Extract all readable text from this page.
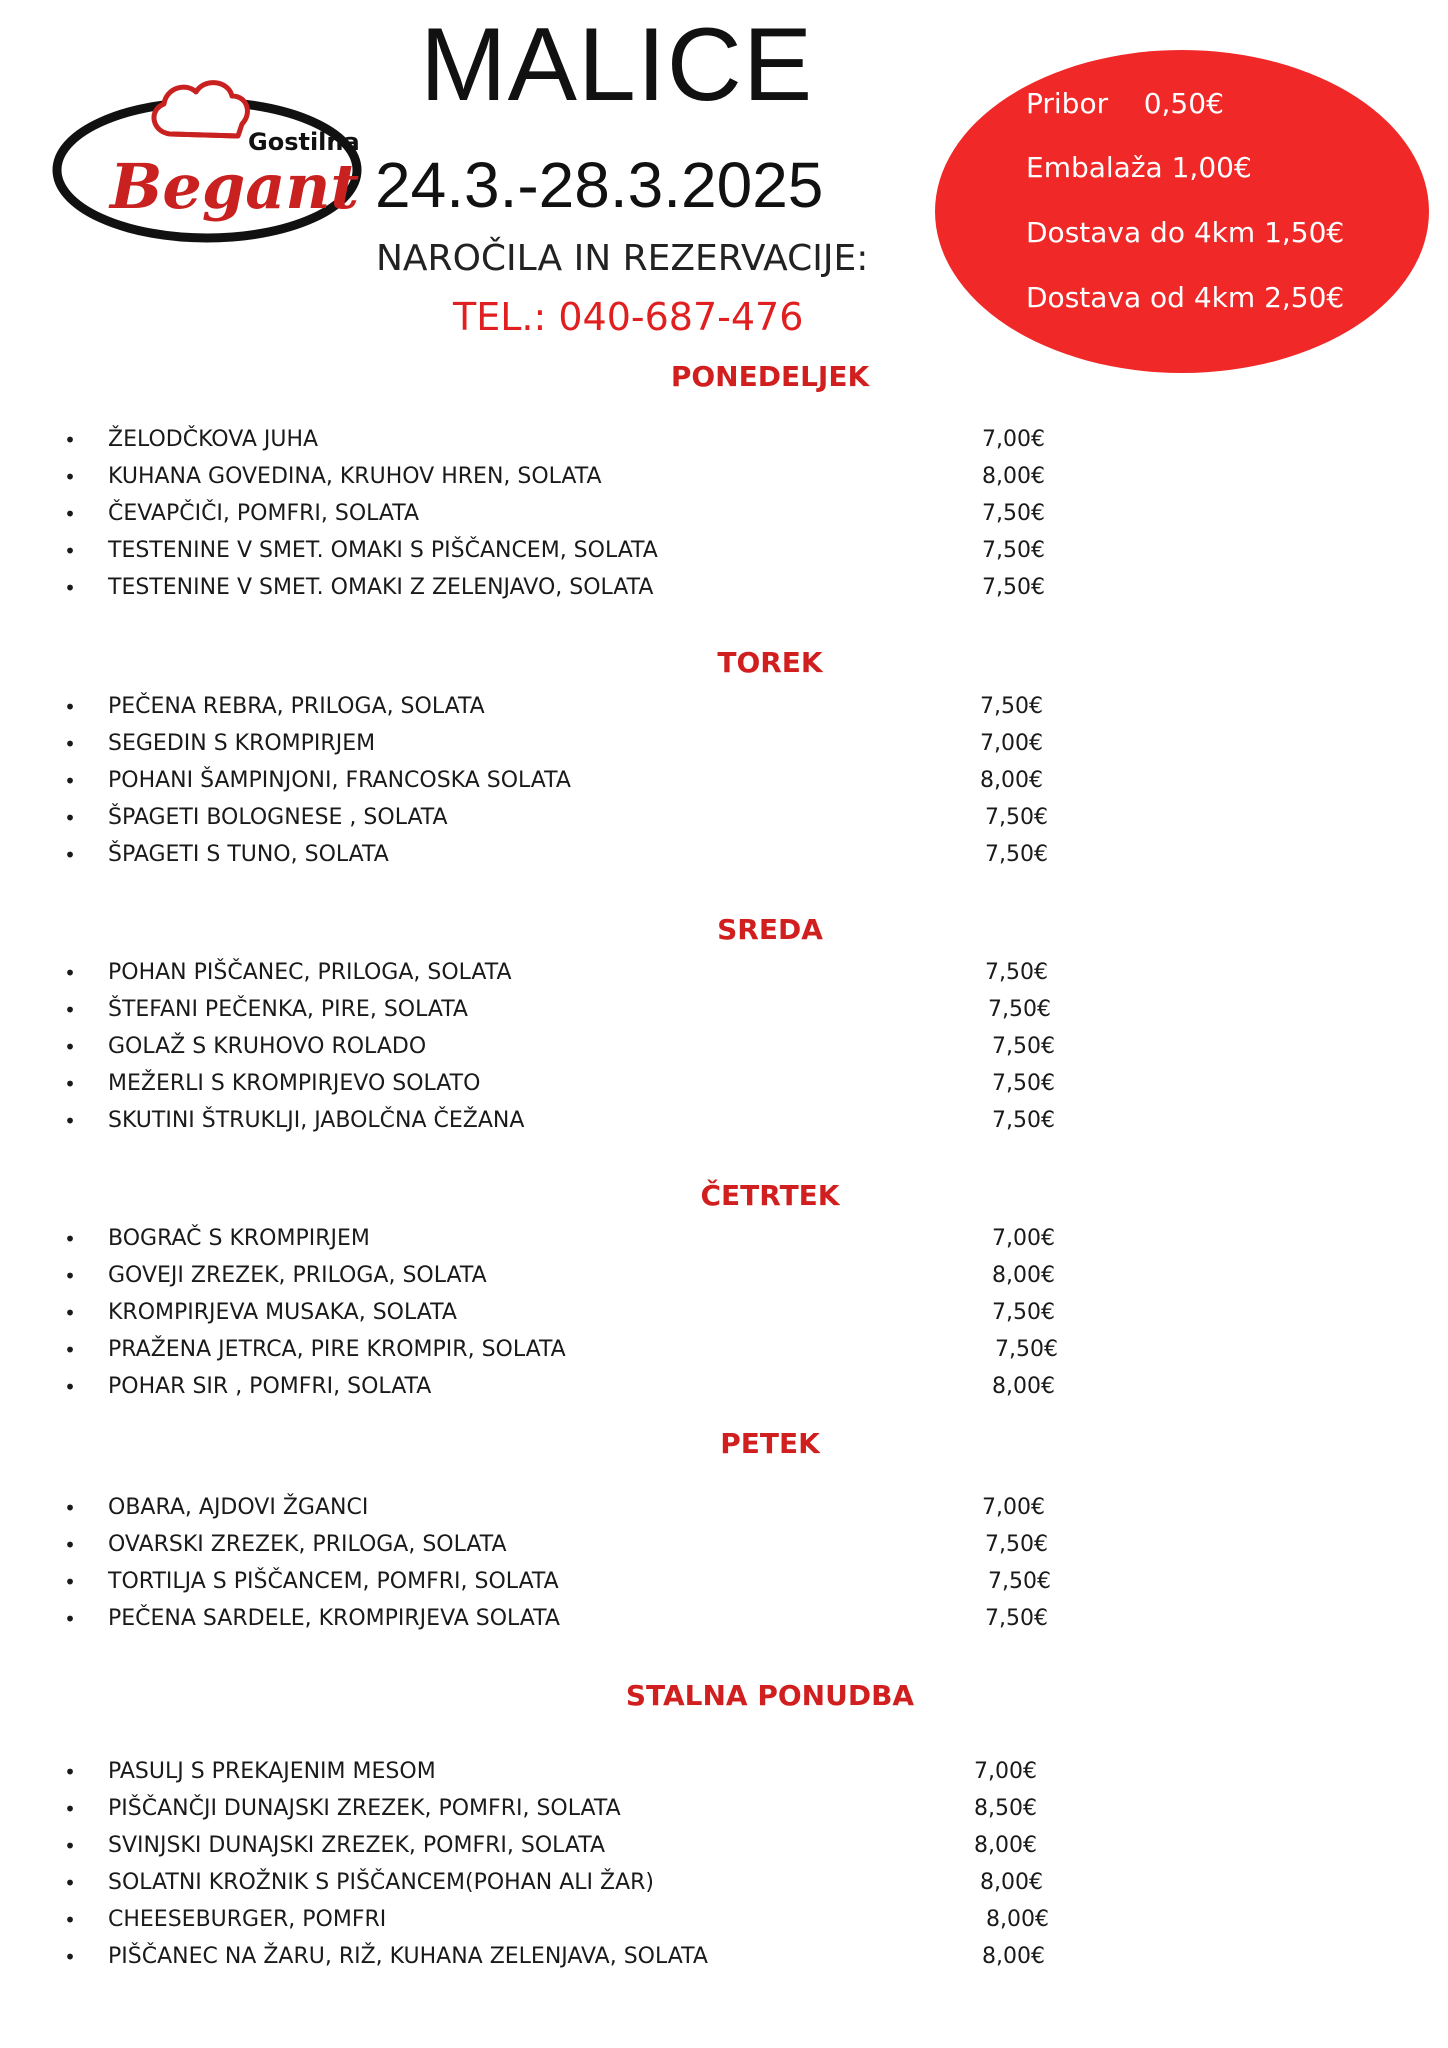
Gostilna
Begant
MALICE
24.3.-28.3.2025
NAROČILA IN REZERVACIJE:
TEL.: 040-687-476
Pribor 0,50€
Embalaža 1,00€
Dostava do 4km 1,50€
Dostava od 4km 2,50€
PONEDELJEK
• ŽELODČKOVA JUHA	7,00€
• KUHANA GOVEDINA, KRUHOV HREN, SOLATA	8,00€
• ČEVAPČIČI, POMFRI, SOLATA	7,50€
• TESTENINE V SMET. OMAKI S PIŠČANCEM, SOLATA	7,50€
• TESTENINE V SMET. OMAKI Z ZELENJAVO, SOLATA	7,50€
TOREK
• PEČENA REBRA, PRILOGA, SOLATA	7,50€
• SEGEDIN S KROMPIRJEM	7,00€
• POHANI ŠAMPINJONI, FRANCOSKA SOLATA	8,00€
• ŠPAGETI BOLOGNESE , SOLATA	7,50€
• ŠPAGETI S TUNO, SOLATA	7,50€
SREDA
• POHAN PIŠČANEC, PRILOGA, SOLATA	7,50€
• ŠTEFANI PEČENKA, PIRE, SOLATA	7,50€
• GOLAŽ S KRUHOVO ROLADO	7,50€
• MEŽERLI S KROMPIRJEVO SOLATO	7,50€
• SKUTINI ŠTRUKLJI, JABOLČNA ČEŽANA	7,50€
ČETRTEK
• BOGRAČ S KROMPIRJEM	7,00€
• GOVEJI ZREZEK, PRILOGA, SOLATA	8,00€
• KROMPIRJEVA MUSAKA, SOLATA	7,50€
• PRAŽENA JETRCA, PIRE KROMPIR, SOLATA	7,50€
• POHAR SIR , POMFRI, SOLATA	8,00€
PETEK
• OBARA, AJDOVI ŽGANCI	7,00€
• OVARSKI ZREZEK, PRILOGA, SOLATA	7,50€
• TORTILJA S PIŠČANCEM, POMFRI, SOLATA	7,50€
• PEČENA SARDELE, KROMPIRJEVA SOLATA	7,50€
STALNA PONUDBA
• PASULJ S PREKAJENIM MESOM	7,00€
• PIŠČANČJI DUNAJSKI ZREZEK, POMFRI, SOLATA	8,50€
• SVINJSKI DUNAJSKI ZREZEK, POMFRI, SOLATA	8,00€
• SOLATNI KROŽNIK S PIŠČANCEM(POHAN ALI ŽAR)	8,00€
• CHEESEBURGER, POMFRI	8,00€
• PIŠČANEC NA ŽARU, RIŽ, KUHANA ZELENJAVA, SOLATA	8,00€
